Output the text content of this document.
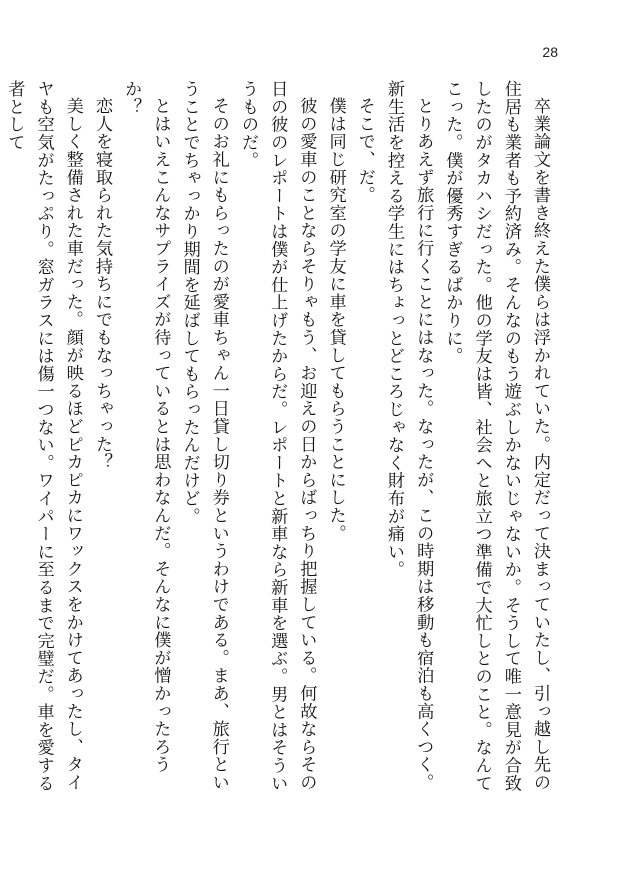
28

卒業論文を書き終えた僕らは浮かれていた。内定だって決まっていたし、引っ越し先の住居も業者も予約済み。そんなのもう遊ぶしかないじゃないか。そうして唯一意見が合致したのがタカハシだった。他の学友は皆、社会へと旅立つ準備で大忙しとのこと。なんてこった。僕が優秀すぎるばかりに。

とりあえず旅行に行くことにはなった。なったが、この時期は移動も宿泊も高くつく。新生活を控える学生にはちょっとどころじゃなく財布が痛い。

そこで、だ。

僕は同じ研究室の学友に車を貸してもらうことにした。

彼の愛車のことならそりゃもう、お迎えの日からばっちり把握している。何故ならその日の彼のレポートは僕が仕上げたからだ。レポートと新車なら新車を選ぶ。男とはそういうものだ。

そのお礼にもらったのが愛車ちゃん一日貸し切り券というわけである。まあ、旅行ということでちゃっかり期間を延ばしてもらったんだけど。

とはいえこんなサプライズが待っているとは思わなんだ。そんなに僕が憎かったろうか？

恋人を寝取られた気持ちにでもなっちゃった？

美しく整備された車だった。顔が映るほどピカピカにワックスをかけてあったし、タイヤも空気がたっぷり。窓ガラスには傷一つない。ワイパーに至るまで完璧だ。車を愛する者として
